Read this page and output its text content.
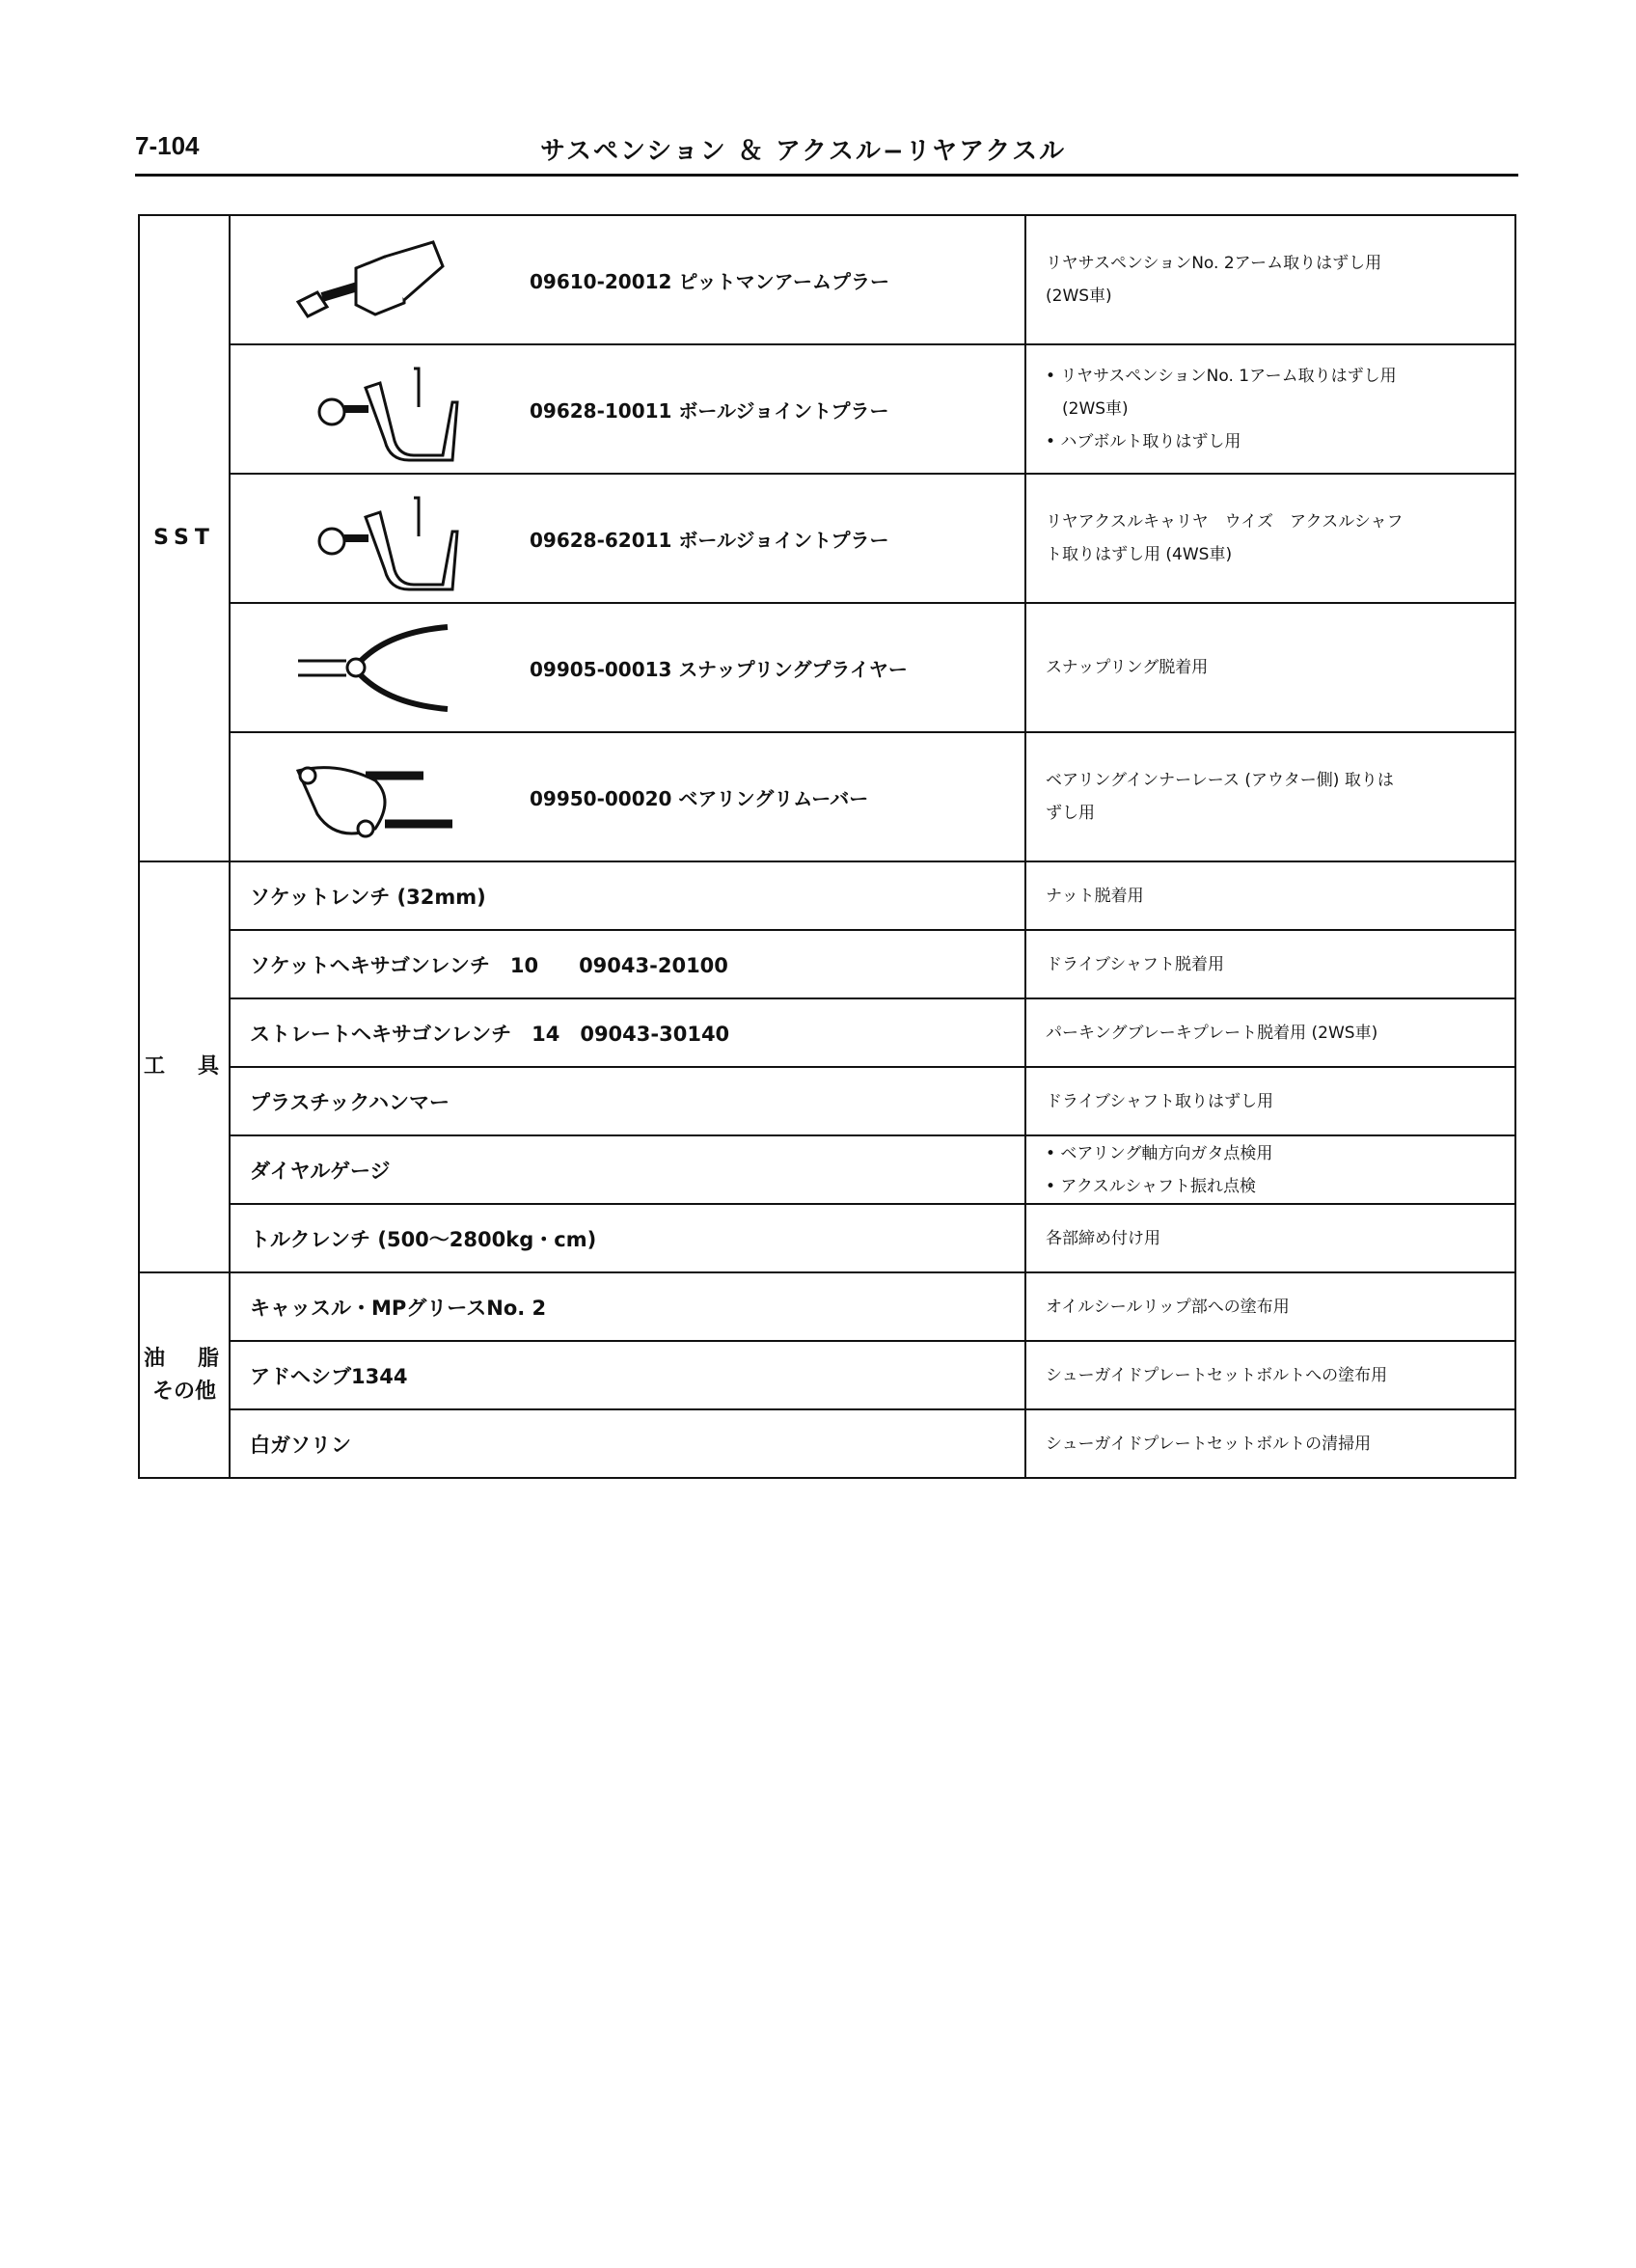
7-104	サスペンション ＆ アクスル−リヤアクスル
SST	09610-20012 ピットマンアームプラー	リヤサスペンションNo. 2アーム取りはずし用
(2WS車)

	09628-10011 ボールジョイントプラー	• リヤサスペンションNo. 1アーム取りはずし用
　(2WS車)
• ハブボルト取りはずし用

	09628-62011 ボールジョイントプラー	リヤアクスルキャリヤ　ウイズ　アクスルシャフ
ト取りはずし用 (4WS車)

	09905-00013 スナップリングプライヤー	スナップリング脱着用

	09950-00020 ベアリングリムーバー	ベアリングインナーレース (アウター側) 取りは
ずし用

工　具	ソケットレンチ (32mm)	ナット脱着用

	ソケットヘキサゴンレンチ　10　　09043-20100	ドライブシャフト脱着用

	ストレートヘキサゴンレンチ　14　09043-30140	パーキングブレーキプレート脱着用 (2WS車)

	プラスチックハンマー	ドライブシャフト取りはずし用

	ダイヤルゲージ	• ベアリング軸方向ガタ点検用
• アクスルシャフト振れ点検

	トルクレンチ (500〜2800kg・cm)	各部締め付け用

油　脂
その他	キャッスル・MPグリースNo. 2	オイルシールリップ部への塗布用

	アドヘシブ1344	シューガイドプレートセットボルトへの塗布用

	白ガソリン	シューガイドプレートセットボルトの清掃用
